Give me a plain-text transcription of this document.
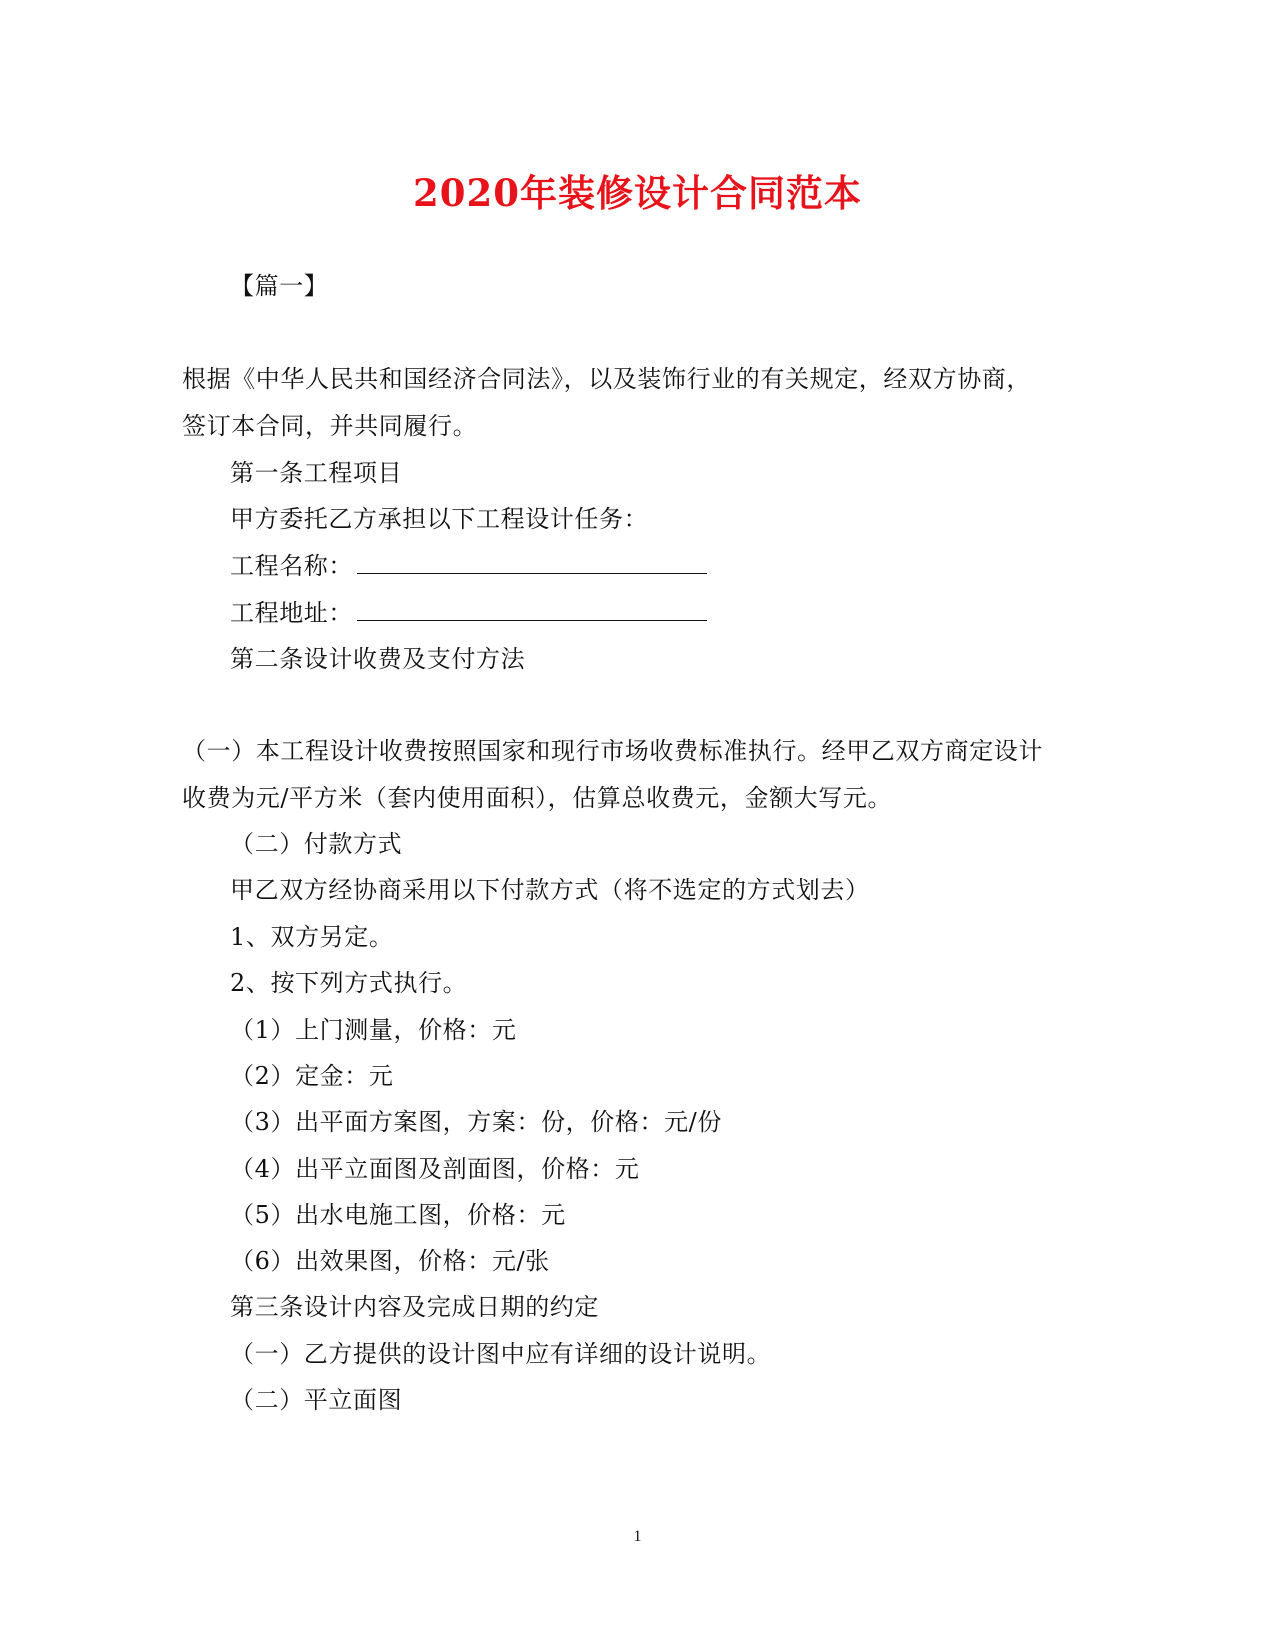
2020年装修设计合同范本
【篇一】
根据《中华人民共和国经济合同法》，以及装饰行业的有关规定，经双方协商，
签订本合同，并共同履行。
第一条工程项目
甲方委托乙方承担以下工程设计任务：
工程名称：
工程地址：
第二条设计收费及支付方法
（一）本工程设计收费按照国家和现行市场收费标准执行。经甲乙双方商定设计
收费为元/平方米（套内使用面积），估算总收费元，金额大写元。
（二）付款方式
甲乙双方经协商采用以下付款方式（将不选定的方式划去）
1、双方另定。
2、按下列方式执行。
（1）上门测量，价格：元
（2）定金：元
（3）出平面方案图，方案：份，价格：元/份
（4）出平立面图及剖面图，价格：元
（5）出水电施工图，价格：元
（6）出效果图，价格：元/张
第三条设计内容及完成日期的约定
（一）乙方提供的设计图中应有详细的设计说明。
（二）平立面图
1
